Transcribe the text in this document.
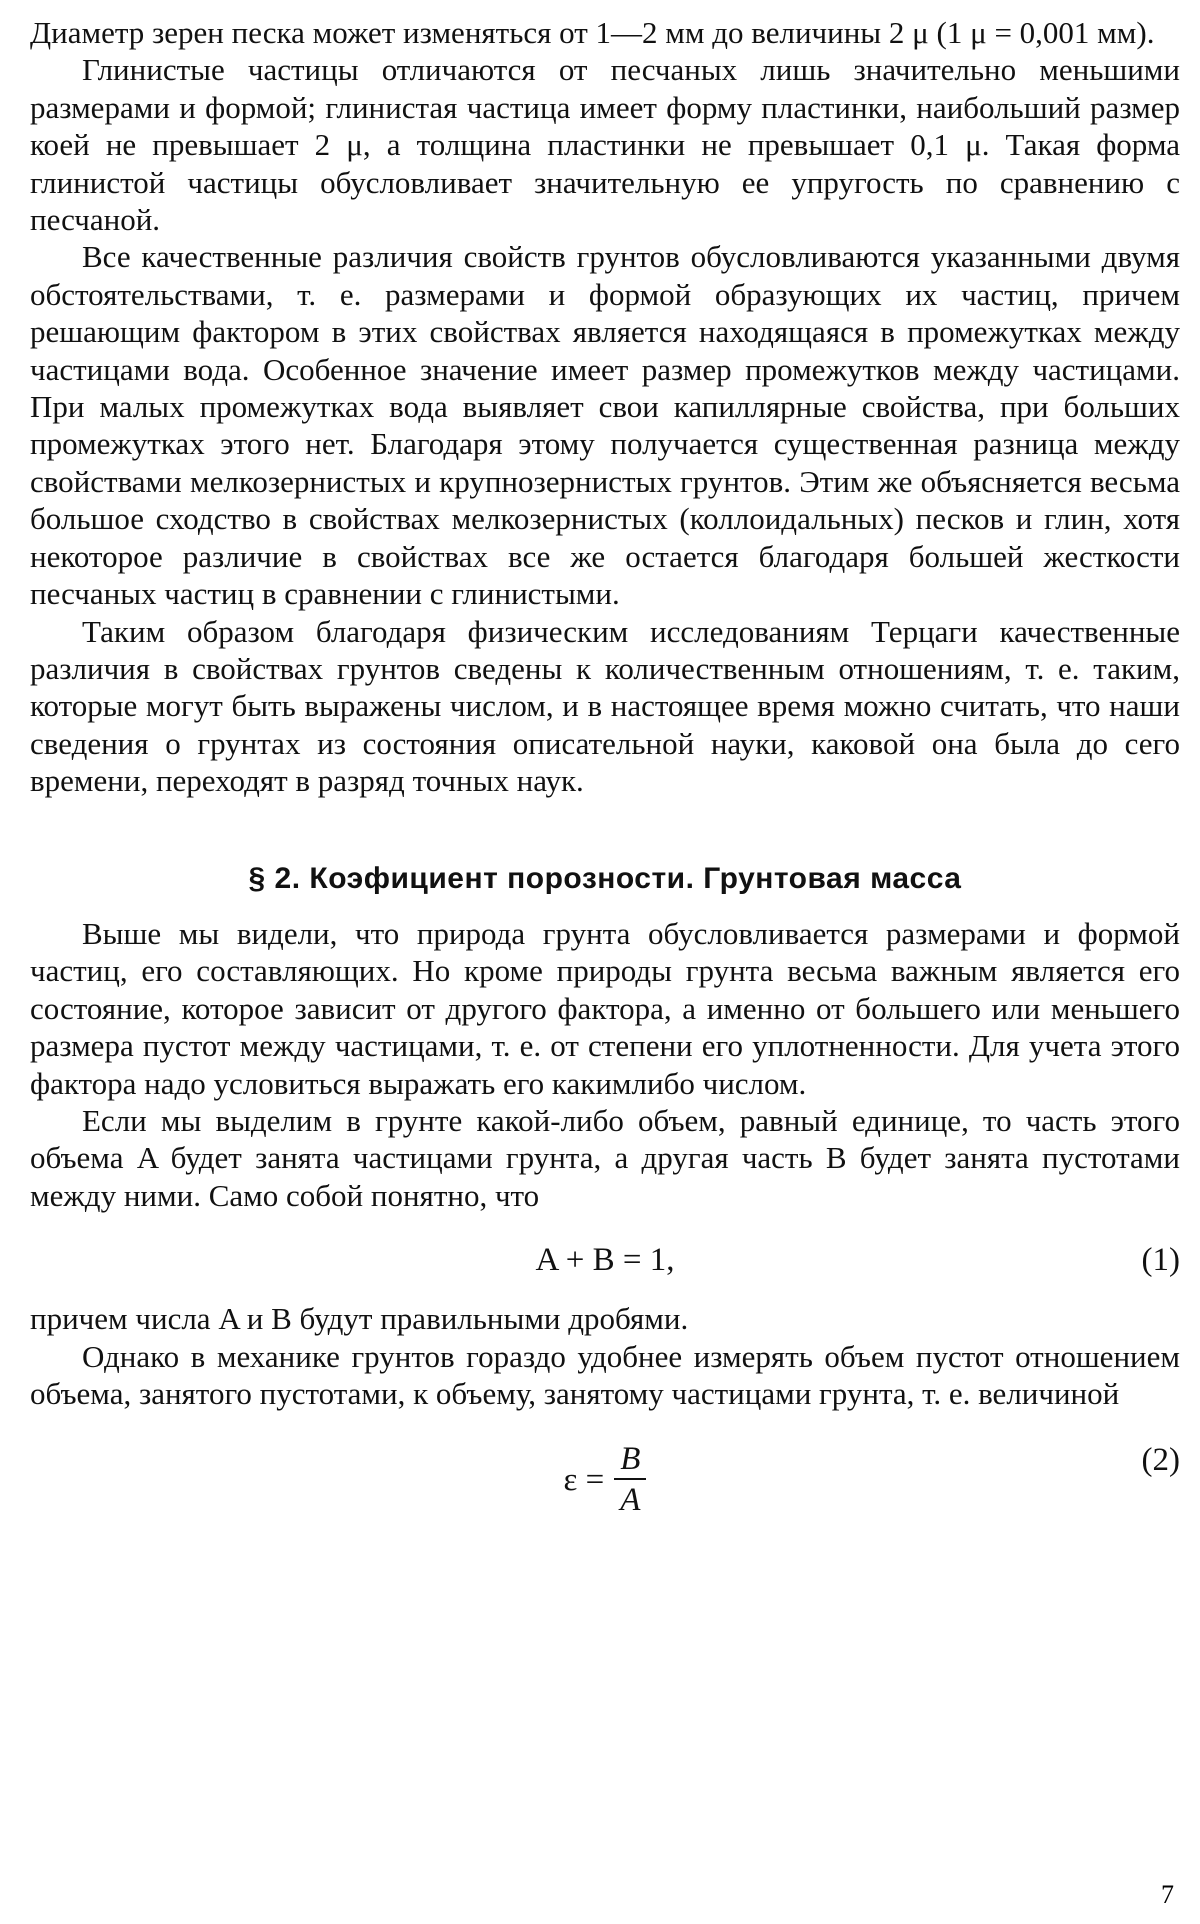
Диаметр зерен песка может изменяться от 1—2 мм до величины 2 μ (1 μ = 0,001 мм).

Глинистые частицы отличаются от песчаных лишь значительно меньшими размерами и формой; глинистая частица имеет форму пластинки, наибольший размер коей не превышает 2 μ, а толщина пластинки не превышает 0,1 μ. Такая форма глинистой частицы обусловливает значительную ее упругость по сравнению с песчаной.

Все качественные различия свойств грунтов обусловливаются указанными двумя обстоятельствами, т. е. размерами и формой образующих их частиц, причем решающим фактором в этих свойствах является находящаяся в промежутках между частицами вода. Особенное значение имеет размер промежутков между частицами. При малых промежутках вода выявляет свои капиллярные свойства, при больших промежутках этого нет. Благодаря этому получается существенная разница между свойствами мелкозернистых и крупнозернистых грунтов. Этим же объясняется весьма большое сходство в свойствах мелкозернистых (коллоидальных) песков и глин, хотя некоторое различие в свойствах все же остается благодаря большей жесткости песчаных частиц в сравнении с глинистыми.

Таким образом благодаря физическим исследованиям Терцаги качественные различия в свойствах грунтов сведены к количественным отношениям, т. е. таким, которые могут быть выражены числом, и в настоящее время можно считать, что наши сведения о грунтах из состояния описательной науки, каковой она была до сего времени, переходят в разряд точных наук.

§ 2. Коэфициент порозности. Грунтовая масса

Выше мы видели, что природа грунта обусловливается размерами и формой частиц, его составляющих. Но кроме природы грунта весьма важным является его состояние, которое зависит от другого фактора, а именно от большего или меньшего размера пустот между частицами, т. е. от степени его уплотненности. Для учета этого фактора надо условиться выражать его какимлибо числом.

Если мы выделим в грунте какой-либо объем, равный единице, то часть этого объема A будет занята частицами грунта, а другая часть B будет занята пустотами между ними. Само собой понятно, что

A + B = 1,	(1)

причем числа A и B будут правильными дробями.

Однако в механике грунтов гораздо удобнее измерять объем пустот отношением объема, занятого пустотами, к объему, занятому частицами грунта, т. е. величиной

$\varepsilon = \frac{B}{A}$	(2)
7
